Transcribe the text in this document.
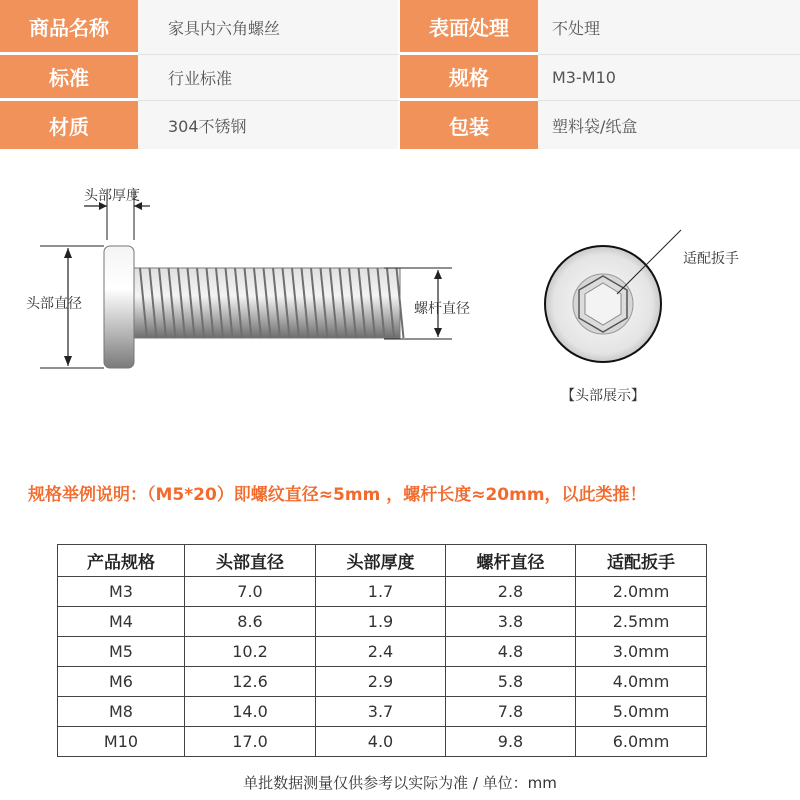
商品名称	家具内六角螺丝	表面处理	不处理
标准	行业标准	规格	M3-M10
材质	304不锈钢	包装	塑料袋/纸盒
头部厚度
头部直径	螺杆直径
适配扳手
【头部展示】
规格举例说明：（M5*20）即螺纹直径≈5mm ，螺杆长度≈20mm，以此类推！
产品规格	头部直径	头部厚度	螺杆直径	适配扳手
M3	7.0	1.7	2.8	2.0mm
M4	8.6	1.9	3.8	2.5mm
M5	10.2	2.4	4.8	3.0mm
M6	12.6	2.9	5.8	4.0mm
M8	14.0	3.7	7.8	5.0mm
M10	17.0	4.0	9.8	6.0mm
单批数据测量仅供参考以实际为准 / 单位：mm
